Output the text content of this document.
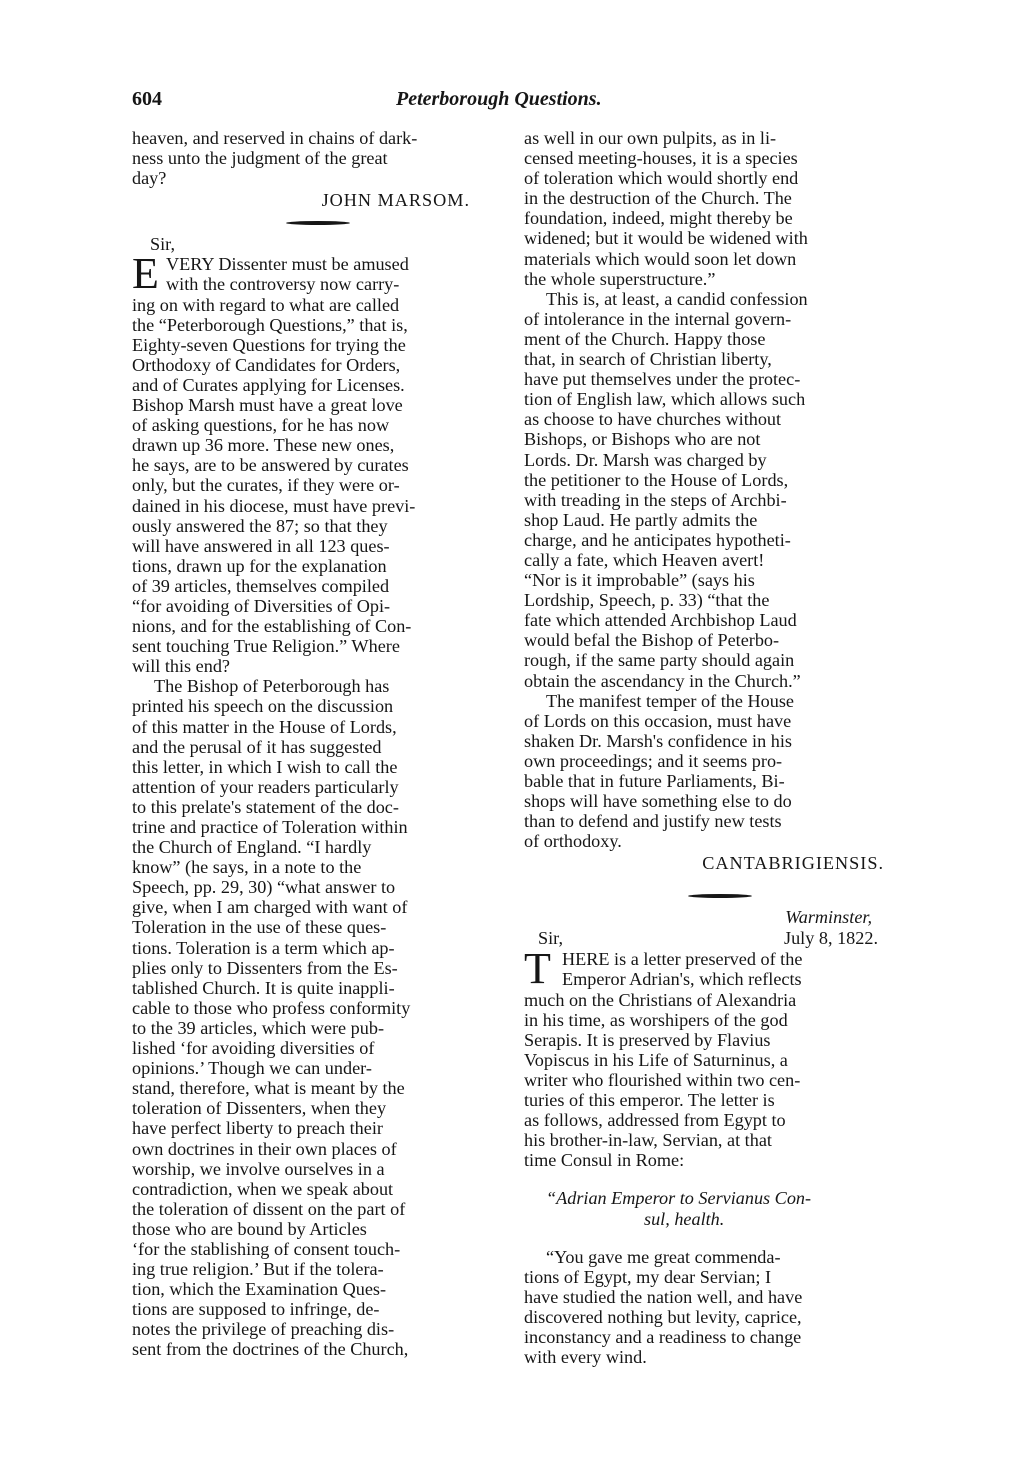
604	Peterborough Questions.
heaven, and reserved in chains of dark-
ness unto the judgment of the great
day?
JOHN MARSOM.
Sir,
E VERY Dissenter must be amused
with the controversy now carry-
ing on with regard to what are called
the “Peterborough Questions,” that is,
Eighty-seven Questions for trying the
Orthodoxy of Candidates for Orders,
and of Curates applying for Licenses.
Bishop Marsh must have a great love
of asking questions, for he has now
drawn up 36 more. These new ones,
he says, are to be answered by curates
only, but the curates, if they were or-
dained in his diocese, must have previ-
ously answered the 87; so that they
will have answered in all 123 ques-
tions, drawn up for the explanation
of 39 articles, themselves compiled
“for avoiding of Diversities of Opi-
nions, and for the establishing of Con-
sent touching True Religion.” Where
will this end?
The Bishop of Peterborough has
printed his speech on the discussion
of this matter in the House of Lords,
and the perusal of it has suggested
this letter, in which I wish to call the
attention of your readers particularly
to this prelate's statement of the doc-
trine and practice of Toleration within
the Church of England. “I hardly
know” (he says, in a note to the
Speech, pp. 29, 30) “what answer to
give, when I am charged with want of
Toleration in the use of these ques-
tions. Toleration is a term which ap-
plies only to Dissenters from the Es-
tablished Church. It is quite inappli-
cable to those who profess conformity
to the 39 articles, which were pub-
lished ‘for avoiding diversities of
opinions.’ Though we can under-
stand, therefore, what is meant by the
toleration of Dissenters, when they
have perfect liberty to preach their
own doctrines in their own places of
worship, we involve ourselves in a
contradiction, when we speak about
the toleration of dissent on the part of
those who are bound by Articles
‘for the stablishing of consent touch-
ing true religion.’ But if the tolera-
tion, which the Examination Ques-
tions are supposed to infringe, de-
notes the privilege of preaching dis-
sent from the doctrines of the Church,
as well in our own pulpits, as in li-
censed meeting-houses, it is a species
of toleration which would shortly end
in the destruction of the Church. The
foundation, indeed, might thereby be
widened; but it would be widened with
materials which would soon let down
the whole superstructure.”
This is, at least, a candid confession
of intolerance in the internal govern-
ment of the Church. Happy those
that, in search of Christian liberty,
have put themselves under the protec-
tion of English law, which allows such
as choose to have churches without
Bishops, or Bishops who are not
Lords. Dr. Marsh was charged by
the petitioner to the House of Lords,
with treading in the steps of Archbi-
shop Laud. He partly admits the
charge, and he anticipates hypotheti-
cally a fate, which Heaven avert!
“Nor is it improbable” (says his
Lordship, Speech, p. 33) “that the
fate which attended Archbishop Laud
would befal the Bishop of Peterbo-
rough, if the same party should again
obtain the ascendancy in the Church.”
The manifest temper of the House
of Lords on this occasion, must have
shaken Dr. Marsh's confidence in his
own proceedings; and it seems pro-
bable that in future Parliaments, Bi-
shops will have something else to do
than to defend and justify new tests
of orthodoxy.
CANTABRIGIENSIS.
Warminster,
Sir,	July 8, 1822.
T HERE is a letter preserved of the
Emperor Adrian's, which reflects
much on the Christians of Alexandria
in his time, as worshipers of the god
Serapis. It is preserved by Flavius
Vopiscus in his Life of Saturninus, a
writer who flourished within two cen-
turies of this emperor. The letter is
as follows, addressed from Egypt to
his brother-in-law, Servian, at that
time Consul in Rome:
“Adrian Emperor to Servianus Con-
sul, health.
“You gave me great commenda-
tions of Egypt, my dear Servian; I
have studied the nation well, and have
discovered nothing but levity, caprice,
inconstancy and a readiness to change
with every wind.
